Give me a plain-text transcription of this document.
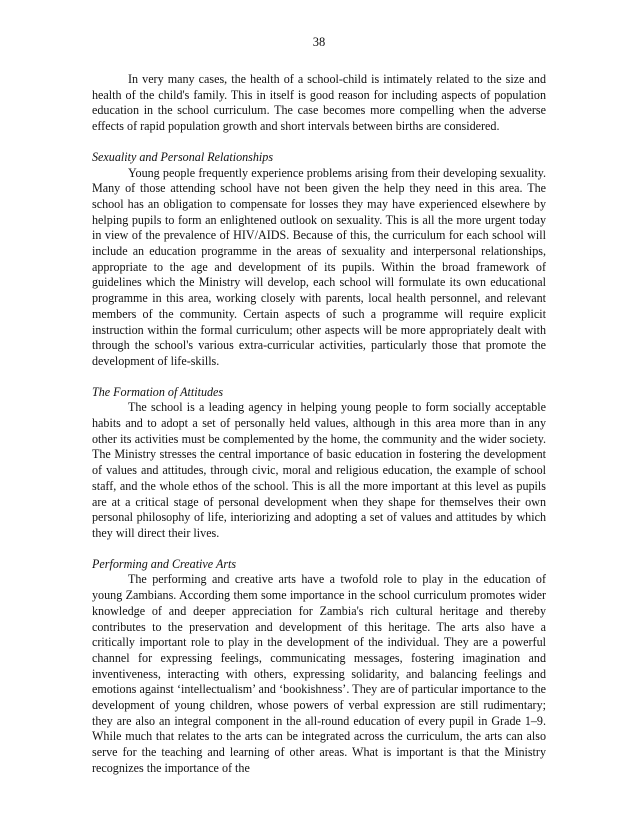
38

In very many cases, the health of a school-child is intimately related to the size and health of the child's family. This in itself is good reason for including aspects of population education in the school curriculum. The case becomes more compelling when the adverse effects of rapid population growth and short intervals between births are considered.

Sexuality and Personal Relationships

Young people frequently experience problems arising from their developing sexuality. Many of those attending school have not been given the help they need in this area. The school has an obligation to compensate for losses they may have experienced elsewhere by helping pupils to form an enlightened outlook on sexuality. This is all the more urgent today in view of the prevalence of HIV/AIDS. Because of this, the curriculum for each school will include an education programme in the areas of sexuality and interpersonal relationships, appropriate to the age and development of its pupils. Within the broad framework of guidelines which the Ministry will develop, each school will formulate its own educational programme in this area, working closely with parents, local health personnel, and relevant members of the community. Certain aspects of such a programme will require explicit instruction within the formal curriculum; other aspects will be more appropriately dealt with through the school's various extra-curricular activities, particularly those that promote the development of life-skills.

The Formation of Attitudes

The school is a leading agency in helping young people to form socially acceptable habits and to adopt a set of personally held values, although in this area more than in any other its activities must be complemented by the home, the community and the wider society. The Ministry stresses the central importance of basic education in fostering the development of values and attitudes, through civic, moral and religious education, the example of school staff, and the whole ethos of the school. This is all the more important at this level as pupils are at a critical stage of personal development when they shape for themselves their own personal philosophy of life, interiorizing and adopting a set of values and attitudes by which they will direct their lives.

Performing and Creative Arts

The performing and creative arts have a twofold role to play in the education of young Zambians. According them some importance in the school curriculum promotes wider knowledge of and deeper appreciation for Zambia's rich cultural heritage and thereby contributes to the preservation and development of this heritage. The arts also have a critically important role to play in the development of the individual. They are a powerful channel for expressing feelings, communicating messages, fostering imagination and inventiveness, interacting with others, expressing solidarity, and balancing feelings and emotions against ‘intellectualism’ and ‘bookishness’. They are of particular importance to the development of young children, whose powers of verbal expression are still rudimentary; they are also an integral component in the all-round education of every pupil in Grade 1–9. While much that relates to the arts can be integrated across the curriculum, the arts can also serve for the teaching and learning of other areas. What is important is that the Ministry recognizes the importance of the
